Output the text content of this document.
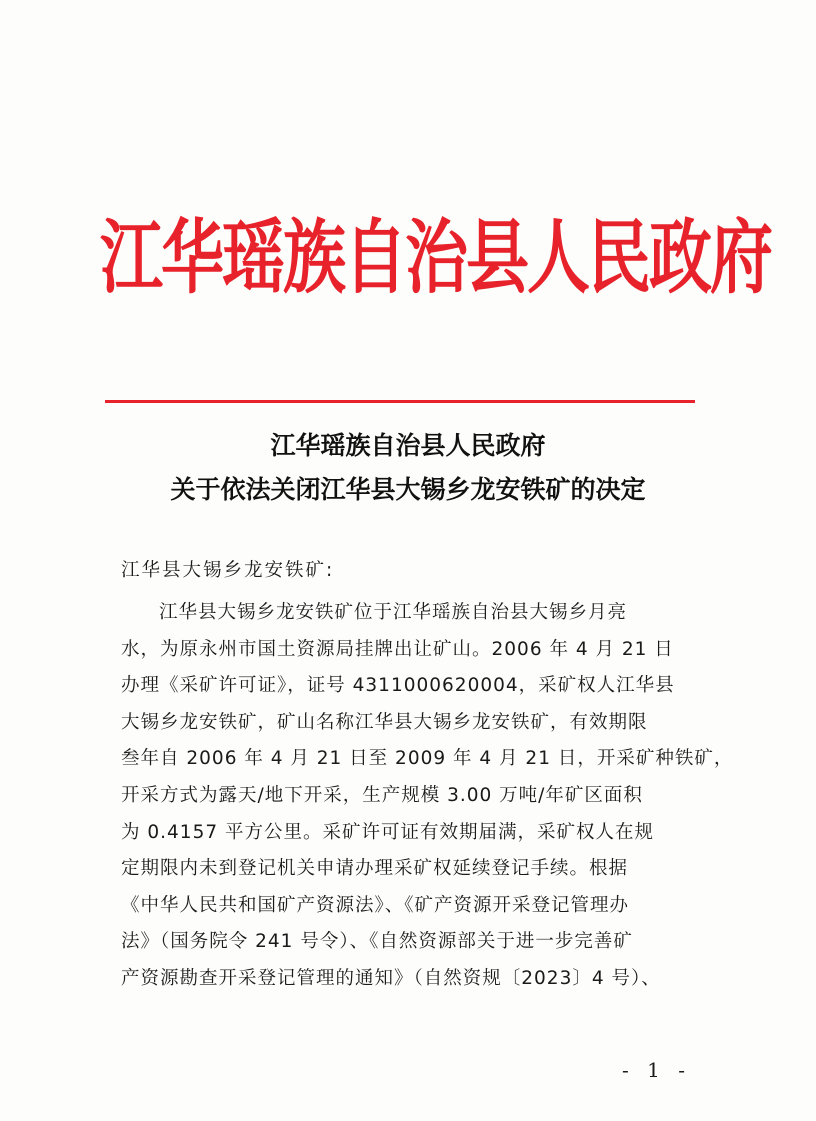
江华瑶族自治县人民政府
江华瑶族自治县人民政府
关于依法关闭江华县大锡乡龙安铁矿的决定
江华县大锡乡龙安铁矿:
江华县大锡乡龙安铁矿位于江华瑶族自治县大锡乡月亮
水，为原永州市国土资源局挂牌出让矿山。2006 年 4 月 21 日
办理《采矿许可证》，证号 4311000620004，采矿权人江华县
大锡乡龙安铁矿，矿山名称江华县大锡乡龙安铁矿，有效期限
叁年自 2006 年 4 月 21 日至 2009 年 4 月 21 日，开采矿种铁矿，
开采方式为露天/地下开采，生产规模 3.00 万吨/年矿区面积
为 0.4157 平方公里。采矿许可证有效期届满，采矿权人在规
定期限内未到登记机关申请办理采矿权延续登记手续。根据
《中华人民共和国矿产资源法》、《矿产资源开采登记管理办
法》（国务院令 241 号令）、《自然资源部关于进一步完善矿
产资源勘查开采登记管理的通知》（自然资规〔2023〕4 号）、
- 1 -
